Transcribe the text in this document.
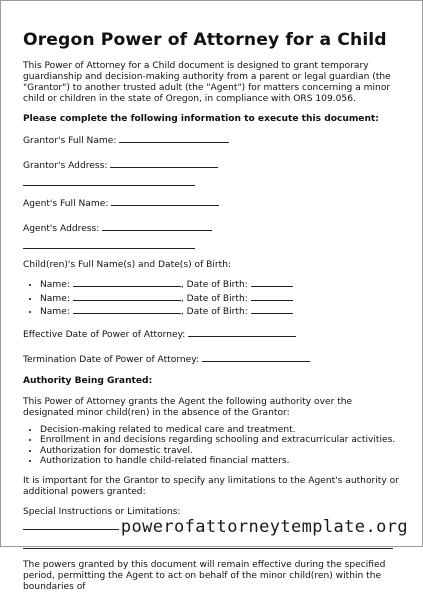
Oregon Power of Attorney for a Child

This Power of Attorney for a Child document is designed to grant temporary guardianship and decision-making authority from a parent or legal guardian (the "Grantor") to another trusted adult (the "Agent") for matters concerning a minor child or children in the state of Oregon, in compliance with ORS 109.056.

Please complete the following information to execute this document:

Grantor's Full Name:
Grantor's Address:
Agent's Full Name:
Agent's Address:
Child(ren)'s Full Name(s) and Date(s) of Birth:
• Name:	, Date of Birth:
• Name:	, Date of Birth:
• Name:	, Date of Birth:
Effective Date of Power of Attorney:
Termination Date of Power of Attorney:

Authority Being Granted:

This Power of Attorney grants the Agent the following authority over the designated minor child(ren) in the absence of the Grantor:

• Decision-making related to medical care and treatment.
• Enrollment in and decisions regarding schooling and extracurricular activities.
• Authorization for domestic travel.
• Authorization to handle child-related financial matters.

It is important for the Grantor to specify any limitations to the Agent's authority or additional powers granted:

Special Instructions or Limitations:

The powers granted by this document will remain effective during the specified period, permitting the Agent to act on behalf of the minor child(ren) within the boundaries of

powerofattorneytemplate.org
